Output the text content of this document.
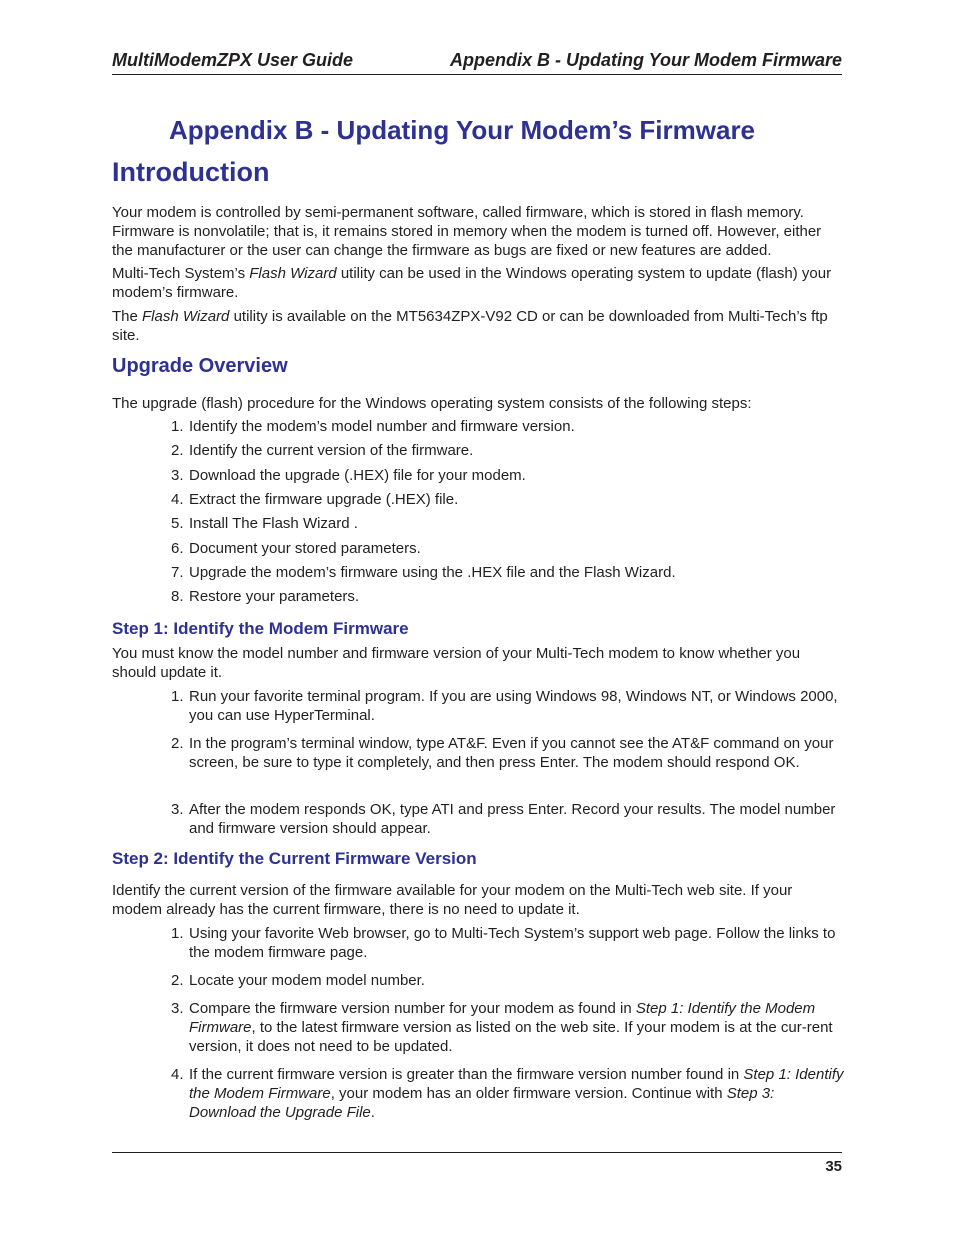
MultiModemZPX User Guide	Appendix B - Updating Your Modem Firmware
Appendix B - Updating Your Modem’s Firmware
Introduction

Your modem is controlled by semi-permanent software, called firmware, which is stored in flash memory. Firmware is nonvolatile; that is, it remains stored in memory when the modem is turned off. However, either the manufacturer or the user can change the firmware as bugs are fixed or new features are added.

Multi-Tech System’s Flash Wizard utility can be used in the Windows operating system to update (flash) your modem’s firmware.

The Flash Wizard utility is available on the MT5634ZPX-V92 CD or can be downloaded from Multi-Tech’s ftp site.

Upgrade Overview

The upgrade (flash) procedure for the Windows operating system consists of the following steps:

1. Identify the modem’s model number and firmware version.

2. Identify the current version of the firmware.

3. Download the upgrade (.HEX) file for your modem.

4. Extract the firmware upgrade (.HEX) file.

5. Install The Flash Wizard .

6. Document your stored parameters.

7. Upgrade the modem’s firmware using the .HEX file and the Flash Wizard.

8. Restore your parameters.

Step 1: Identify the Modem Firmware

You must know the model number and firmware version of your Multi-Tech modem to know whether you should update it.

1. Run your favorite terminal program. If you are using Windows 98, Windows NT, or Windows 2000, you can use HyperTerminal.

2. In the program’s terminal window, type AT&F. Even if you cannot see the AT&F command on your screen, be sure to type it completely, and then press Enter. The modem should respond OK.

3. After the modem responds OK, type ATI and press Enter. Record your results. The model number and firmware version should appear.

Step 2: Identify the Current Firmware Version

Identify the current version of the firmware available for your modem on the Multi-Tech web site. If your modem already has the current firmware, there is no need to update it.

1. Using your favorite Web browser, go to Multi-Tech System’s support web page. Follow the links to the modem firmware page.

2. Locate your modem model number.

3. Compare the firmware version number for your modem as found in Step 1: Identify the Modem Firmware, to the latest firmware version as listed on the web site. If your modem is at the cur-rent version, it does not need to be updated.

4. If the current firmware version is greater than the firmware version number found in Step 1: Identify the Modem Firmware, your modem has an older firmware version. Continue with Step 3: Download the Upgrade File.

35
